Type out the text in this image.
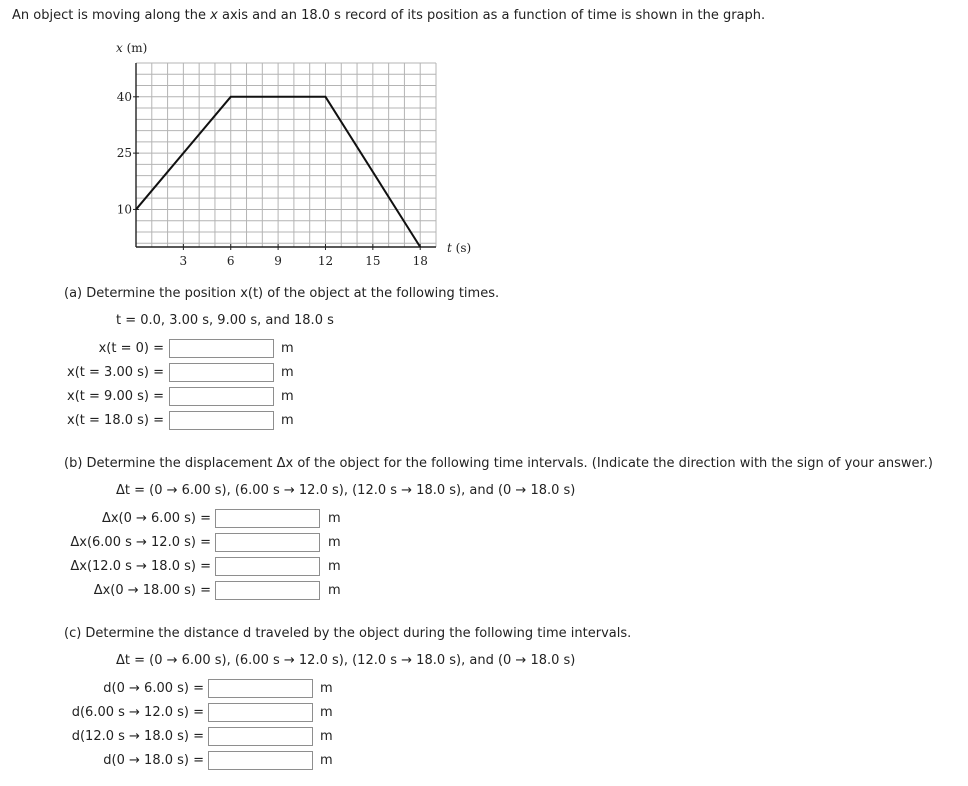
An object is moving along the x axis and an 18.0 s record of its position as a function of time is shown in the graph.
3	6	9	12	15	18
10
25
40
x (m)
t (s)
(a) Determine the position x(t) of the object at the following times.
t = 0.0, 3.00 s, 9.00 s, and 18.0 s
x(t = 0) =	m
x(t = 3.00 s) =	m
x(t = 9.00 s) =	m
x(t = 18.0 s) =	m
(b) Determine the displacement Δx of the object for the following time intervals. (Indicate the direction with the sign of your answer.)
Δt = (0 → 6.00 s), (6.00 s → 12.0 s), (12.0 s → 18.0 s), and (0 → 18.0 s)
Δx(0 → 6.00 s) =	m
Δx(6.00 s → 12.0 s) =	m
Δx(12.0 s → 18.0 s) =	m
Δx(0 → 18.00 s) =	m
(c) Determine the distance d traveled by the object during the following time intervals.
Δt = (0 → 6.00 s), (6.00 s → 12.0 s), (12.0 s → 18.0 s), and (0 → 18.0 s)
d(0 → 6.00 s) =	m
d(6.00 s → 12.0 s) =	m
d(12.0 s → 18.0 s) =	m
d(0 → 18.0 s) =	m
